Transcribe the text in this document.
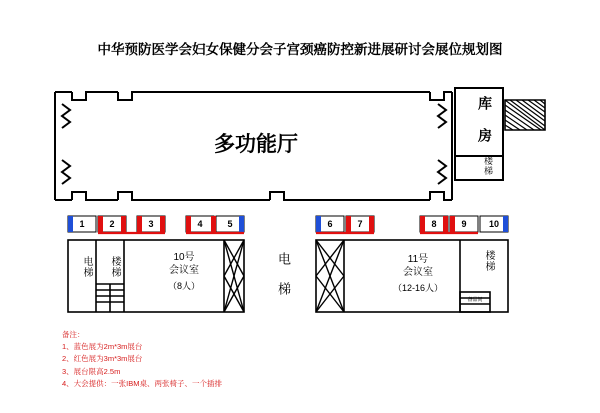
中华预防医学会妇女保健分会子宫颈癌防控新进展研讨会展位规划图
多功能厅
库 房
楼梯
电梯	楼梯	10号
会议室
（8人）	电 梯	11号
会议室
（12-16人）
楼梯
备品间
1	2	3	4	5	6	7	8	9	10
备注：
1、蓝色展为2m*3m展台
2、红色展为3m*3m展台
3、展台限高2.5m
4、大会提供：一张IBM桌、两张椅子、一个插排
